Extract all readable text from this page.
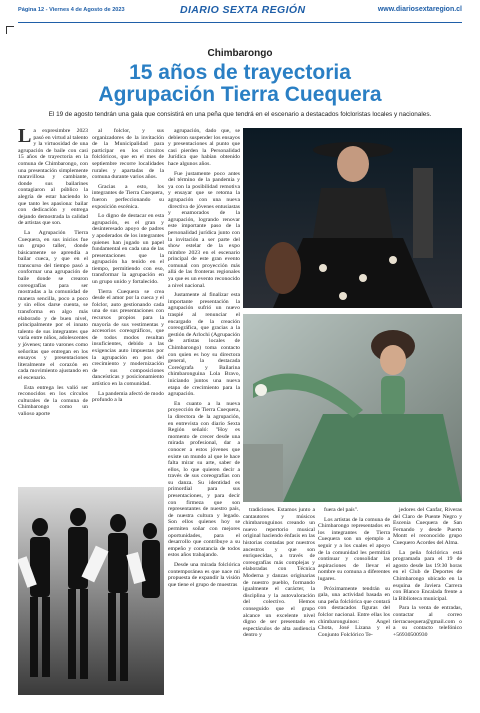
Página 12 - Viernes 4 de Agosto de 2023	DIARIO SEXTA REGIÓN	www.diariosextaregion.cl
Chimbarongo
15 años de trayectoria
Agrupación Tierra Cuequera
El 19 de agosto tendrán una gala que consistirá en una peña que tendrá en el escenario a destacados folcloristas locales y nacionales.

La expresimbre 2023 pasó en virtud al talento y la virtuosidad de una agrupación de baile con casi 15 años de trayectoria en la comuna de Chimbarongo, con una presentación simplemente maravillosa y cambiante, donde sus bailarines contagiaron al público la alegría de estar haciendo lo que tanto les apasiona: bailar con dedicación y entrega dejando demostrada la calidad de artistas que son.

La Agrupación Tierra Cuequera, en sus inicios fue un grupo taller, donde básicamente se aprendía a bailar cueca, y que en el transcurso del tiempo pasó a conformar una agrupación de baile donde se crearon coreografías para ser mostradas a la comunidad de manera sencilla, poco a poco y sin ellos darse cuenta, se transforma en algo más elaborado y de buen nivel, principalmente por el innato talento de sus integrantes que varía entre niños, adolescentes y jóvenes; tanto varones como señoritas que entregan en los ensayos y presentaciones literalmente el corazón en cada movimiento ajustando en el escenario.

Esta entrega les valió ser reconocidos en los círculos culturales de la comuna de Chimbarongo como un valioso aporte

al folclor, y sus organizadores de la invitación de la Municipalidad para participar en los circuitos folclóricos, que en el mes de septiembre recorre localidades rurales y apartadas de la comuna durante varios años.

Gracias a esto, los integrantes de Tierra Cuequera, fueron perfeccionando su exposición escénica.

Lo digno de destacar en esta agrupación, es el gran y desinteresado apoyo de padres y apoderados de los integrantes quienes han jugado un papel fundamental en cada una de las presentaciones que la agrupación ha tenido en el tiempo, permitiendo con eso, transformar la agrupación en un grupo unido y fortalecido.

Tierra Cuequera se crea desde el amor por la cueca y el folclor, auto gestionando cada una de sus presentaciones con recursos propios para la mayoría de sus vestimentas y accesorios coreográficos, que de todos modos resultan insuficientes, debido a las exigencias auto impuestas por la agrupación en pos del crecimiento y modernización de sus composiciones danceísticas y posicionamiento artístico en la comunidad.

La pandemia afectó de modo profundo a la

agrupación, dado que, se debieron suspender los ensayos y presentaciones al punto que casi pierden la Personalidad Jurídica que habían obtenido hace algunos años.

Fue justamente poco antes del término de la pandemia y ya con la posibilidad remotiva y ensayar que se retoma la agrupación con una nueva directiva de jóvenes entusiastas y enamorados de la agrupación, logrando renovar este importante paso de la personalidad jurídica junto con la invitación a ser parte del show estelar de la expo mimbre 2023 en el escenario principal de este gran evento comunal con proyección más allá de las fronteras regionales ya que es un evento reconocido a nivel nacional.

Justamente al finalizar esta importante presentación la agrupación sufrió un nuevo traspié al renunciar el encargado de la creación coreográfica, que gracias a la gestión de Arlochi (Agrupación de artistas locales de Chimbarongo) toma contacto con quien es hoy su directora general, la destacada Coreógrafa y Bailarina chimbaronguina Lola Bravo, iniciando juntos una nueva etapa de crecimiento para la agrupación.

En cuanto a la nueva proyección de Tierra Cuequera, la directora de la agrupación, en entrevista con diario Sexta Región señaló: "Hoy es momento de crecer desde una mirada profesional, dar a conocer a estos jóvenes que existe un mundo al que le hace falta mirar su arte, saber de ellos, lo que quieren decir a través de sus coreografías con su danza. Su identidad es primordial para sus presentaciones, y para decir con firmeza que son representantes de nuestro país, de nuestra cultura y legado. Son ellos quienes hoy se permiten soñar con mejores oportunidades, para el desarrollo que contribuye a su empeño y constancia de todos estos años trabajando.

Desde una mirada folclórica contemporánea es que nace mi propuesta de expandir la visión que tiene el grupo de muestras

tradiciones. Estamos junto a cantautores y músicos chimbaronguinos creando un nuevo repertorio musical original haciendo énfasis en las historias contadas por nuestros ancestros y que son enriquecidas, a través de coreografías más complejas y elaboradas con Técnica Moderna y danzas originarias de nuestro pueblo, formando igualmente el carácter, la disciplina y la autovaloración del colectivo. Hemos conseguido que el grupo alcance un excelente nivel digno de ser presentado en espectáculos de alta audiencia dentro y

fuera del país".

Los artistas de la comuna de Chimbarongo representados en los integrantes de Tierra Cuequera son un ejemplo a seguir y a los cuales el apoyo de la comunidad les permitirá continuar y consolidar las aspiraciones de llevar el nombre su comuna a diferentes lugares.

Próximamente tendrán su gala, una actividad basada en una peña folclórica que contará con destacados figuras del folclor nacional. Entre ellas los chimbaronguinos: Angel Chota, José Lizana y el Conjunto Folclórico Te-

jedores del Canfar, Riveras del Claro de Puente Negro y Escenia Cuequera de San Fernando y desde Puerto Montt el reconocido grupo Cuequero Acordes del Alma.

La peña folclórica está programada para el 19 de agosto desde las 19:30 horas en el Club de Deportes de Chimbarongo ubicado en la esquina de Javiera Carrera con Blanco Encalada frente a la Biblioteca municipal.

Para la venta de entradas, contactar al correo tierracuequera@gmail.com o a su contacto telefónico +56930500930
